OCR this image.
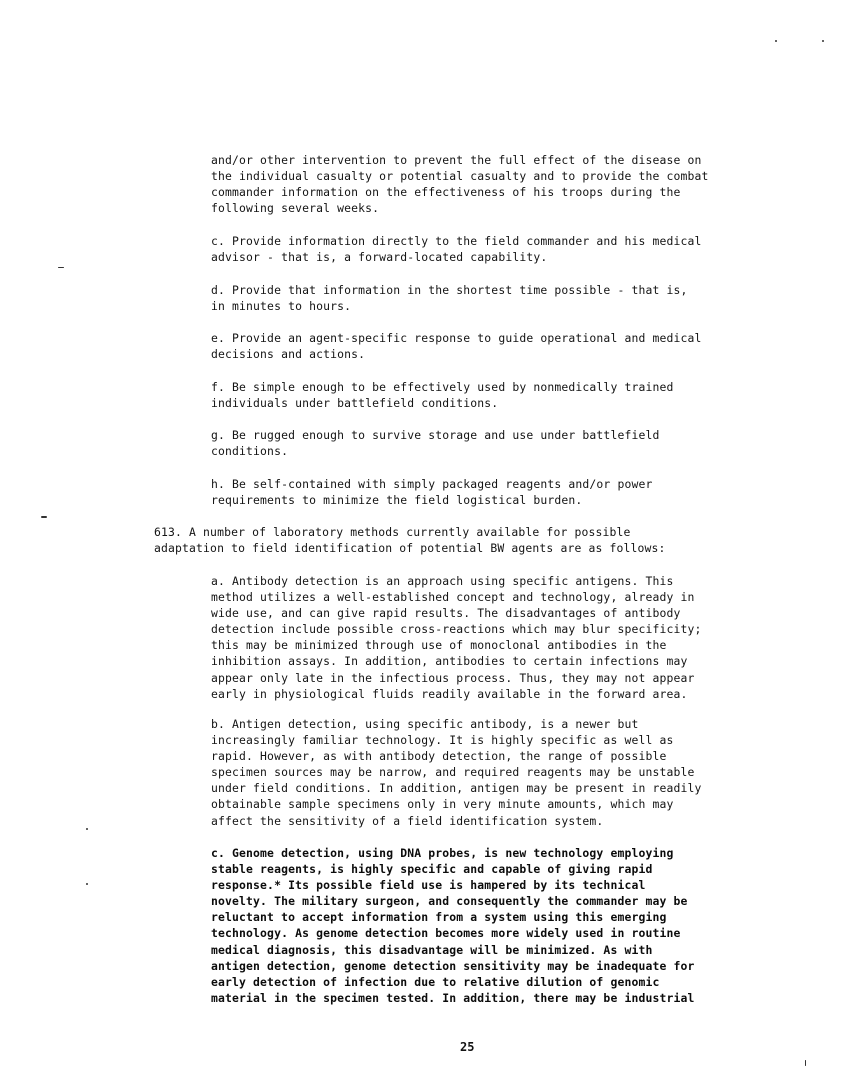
and/or other intervention to prevent the full effect of the disease on
the individual casualty or potential casualty and to provide the combat
commander information on the effectiveness of his troops during the
following several weeks.

c. Provide information directly to the field commander and his medical
advisor - that is, a forward-located capability.

d. Provide that information in the shortest time possible - that is,
in minutes to hours.

e. Provide an agent-specific response to guide operational and medical
decisions and actions.

f. Be simple enough to be effectively used by nonmedically trained
individuals under battlefield conditions.

g. Be rugged enough to survive storage and use under battlefield
conditions.

h. Be self-contained with simply packaged reagents and/or power
requirements to minimize the field logistical burden.

613. A number of laboratory methods currently available for possible
adaptation to field identification of potential BW agents are as follows:

a. Antibody detection is an approach using specific antigens. This
method utilizes a well-established concept and technology, already in
wide use, and can give rapid results. The disadvantages of antibody
detection include possible cross-reactions which may blur specificity;
this may be minimized through use of monoclonal antibodies in the
inhibition assays. In addition, antibodies to certain infections may
appear only late in the infectious process. Thus, they may not appear
early in physiological fluids readily available in the forward area.

b. Antigen detection, using specific antibody, is a newer but
increasingly familiar technology. It is highly specific as well as
rapid. However, as with antibody detection, the range of possible
specimen sources may be narrow, and required reagents may be unstable
under field conditions. In addition, antigen may be present in readily
obtainable sample specimens only in very minute amounts, which may
affect the sensitivity of a field identification system.

c. Genome detection, using DNA probes, is new technology employing
stable reagents, is highly specific and capable of giving rapid
response.* Its possible field use is hampered by its technical
novelty. The military surgeon, and consequently the commander may be
reluctant to accept information from a system using this emerging
technology. As genome detection becomes more widely used in routine
medical diagnosis, this disadvantage will be minimized. As with
antigen detection, genome detection sensitivity may be inadequate for
early detection of infection due to relative dilution of genomic
material in the specimen tested. In addition, there may be industrial

25
